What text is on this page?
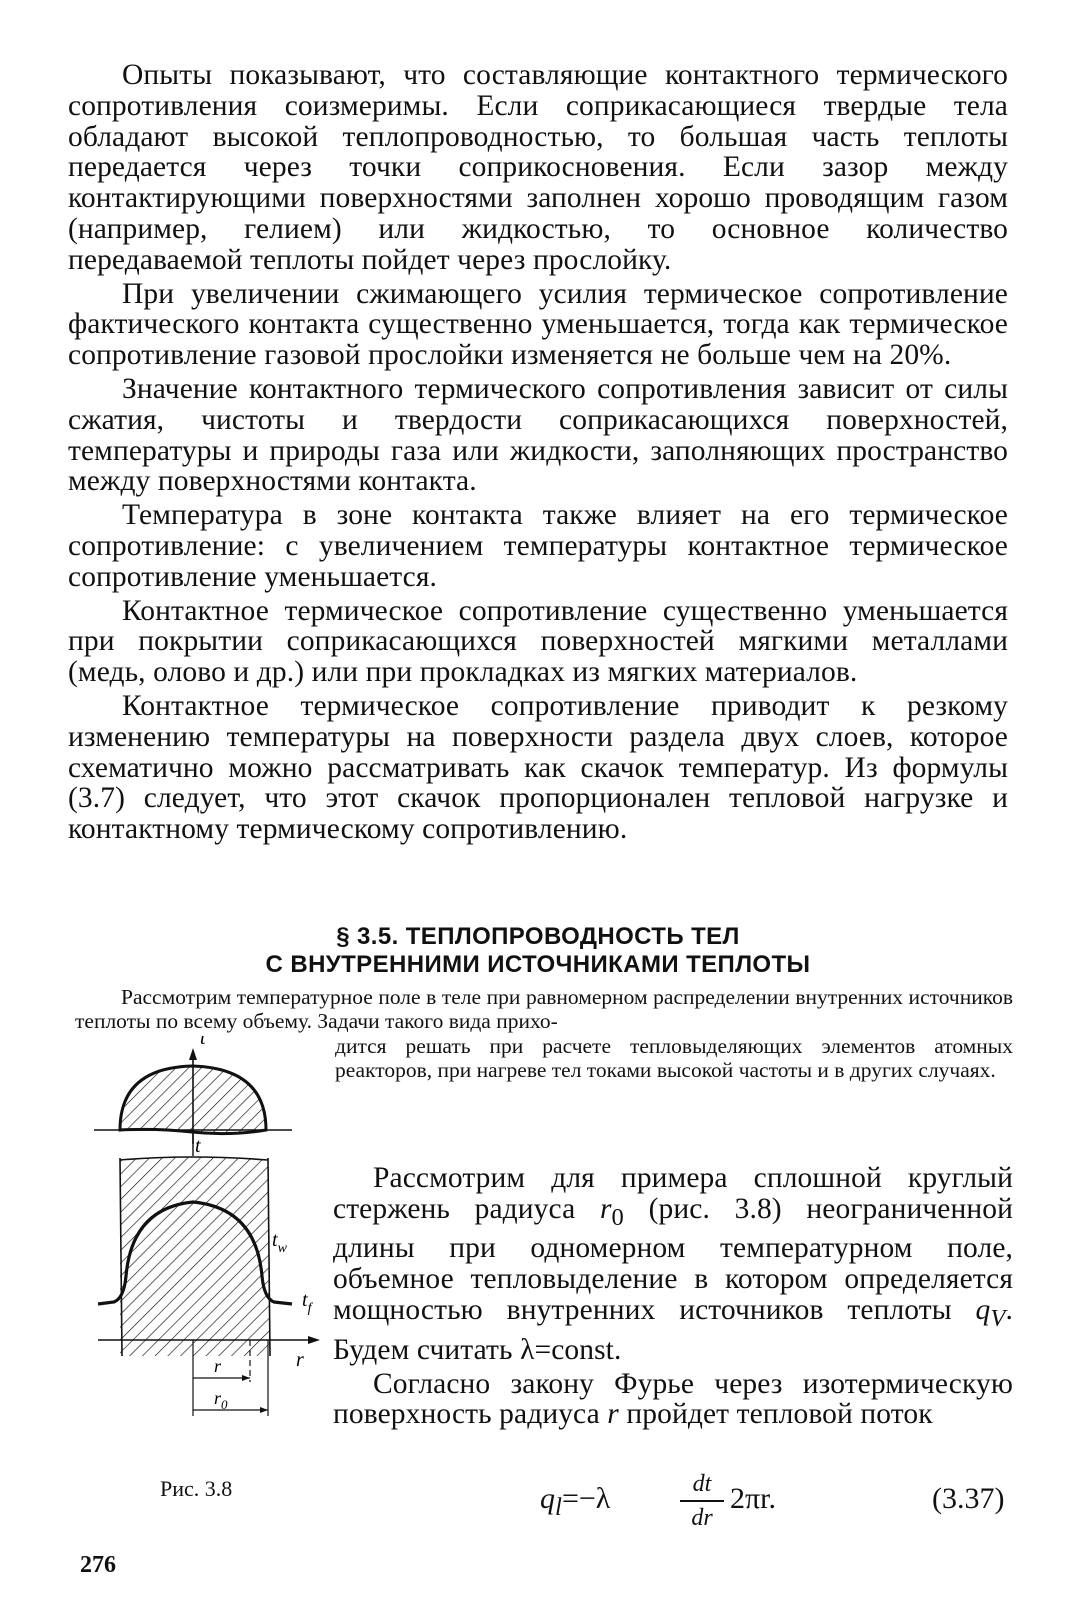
Опыты показывают, что составляющие контактного термического сопротивления соизмеримы. Если соприкасающиеся твердые тела обладают высокой теплопроводностью, то большая часть теплоты передается через точки соприкосновения. Если зазор между контактирующими поверхностями заполнен хорошо проводящим газом (например, гелием) или жидкостью, то основное количество передаваемой теплоты пойдет через прослойку.

При увеличении сжимающего усилия термическое сопротивление фактического контакта существенно уменьшается, тогда как термическое сопротивление газовой прослойки изменяется не больше чем на 20%.

Значение контактного термического сопротивления зависит от силы сжатия, чистоты и твердости соприкасающихся поверхностей, температуры и природы газа или жидкости, заполняющих пространство между поверхностями контакта.

Температура в зоне контакта также влияет на его термическое сопротивление: с увеличением температуры контактное термическое сопротивление уменьшается.

Контактное термическое сопротивление существенно уменьшается при покрытии соприкасающихся поверхностей мягкими металлами (медь, олово и др.) или при прокладках из мягких материалов.

Контактное термическое сопротивление приводит к резкому изменению температуры на поверхности раздела двух слоев, которое схематично можно рассматривать как скачок температур. Из формулы (3.7) следует, что этот скачок пропорционален тепловой нагрузке и контактному термическому сопротивлению.

§ 3.5. ТЕПЛОПРОВОДНОСТЬ ТЕЛ
С ВНУТРЕННИМИ ИСТОЧНИКАМИ ТЕПЛОТЫ

Рассмотрим температурное поле в теле при равномерном распределении внутренних источников теплоты по всему объему. Задачи такого вида прихо-

дится решать при расчете тепловыделяющих элементов атомных реакторов, при нагреве тел токами высокой частоты и в других случаях.

t
t
$t_w$
$t_f$
r
r
$r_0$
Рис. 3.8

Рассмотрим для примера сплошной круглый стержень радиуса $r_0$ (рис. 3.8) неограниченной длины при одномерном температурном поле, объемное тепловыделение в котором определяется мощностью внутренних источников теплоты $q_V$. Будем считать λ=const.

Согласно закону Фурье через изотермическую поверхность радиуса r пройдет тепловой поток

$q_l=-\lambda$	dt
dr
2πr.	(3.37)
276
